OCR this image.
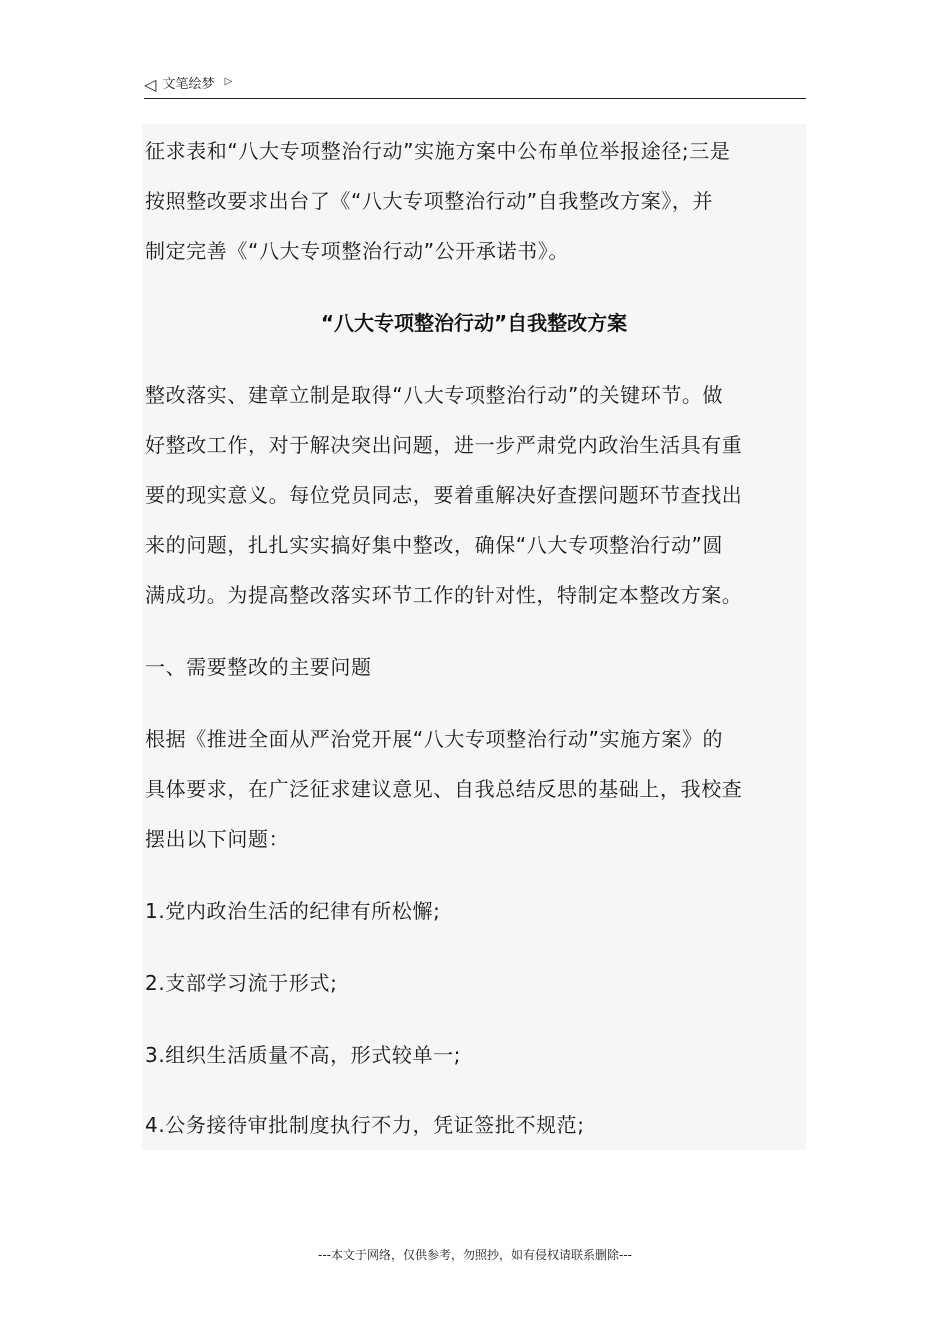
◁ 文笔绘梦 ▷
征求表和“八大专项整治行动”实施方案中公布单位举报途径;三是
按照整改要求出台了《“八大专项整治行动”自我整改方案》，并
制定完善《“八大专项整治行动”公开承诺书》。
“八大专项整治行动”自我整改方案
整改落实、建章立制是取得“八大专项整治行动”的关键环节。做
好整改工作，对于解决突出问题，进一步严肃党内政治生活具有重
要的现实意义。每位党员同志，要着重解决好查摆问题环节查找出
来的问题，扎扎实实搞好集中整改，确保“八大专项整治行动”圆
满成功。为提高整改落实环节工作的针对性，特制定本整改方案。
一、需要整改的主要问题
根据《推进全面从严治党开展“八大专项整治行动”实施方案》的
具体要求，在广泛征求建议意见、自我总结反思的基础上，我校查
摆出以下问题：
1.党内政治生活的纪律有所松懈;
2.支部学习流于形式;
3.组织生活质量不高，形式较单一;
4.公务接待审批制度执行不力，凭证签批不规范;
---本文于网络，仅供参考，勿照抄，如有侵权请联系删除---
